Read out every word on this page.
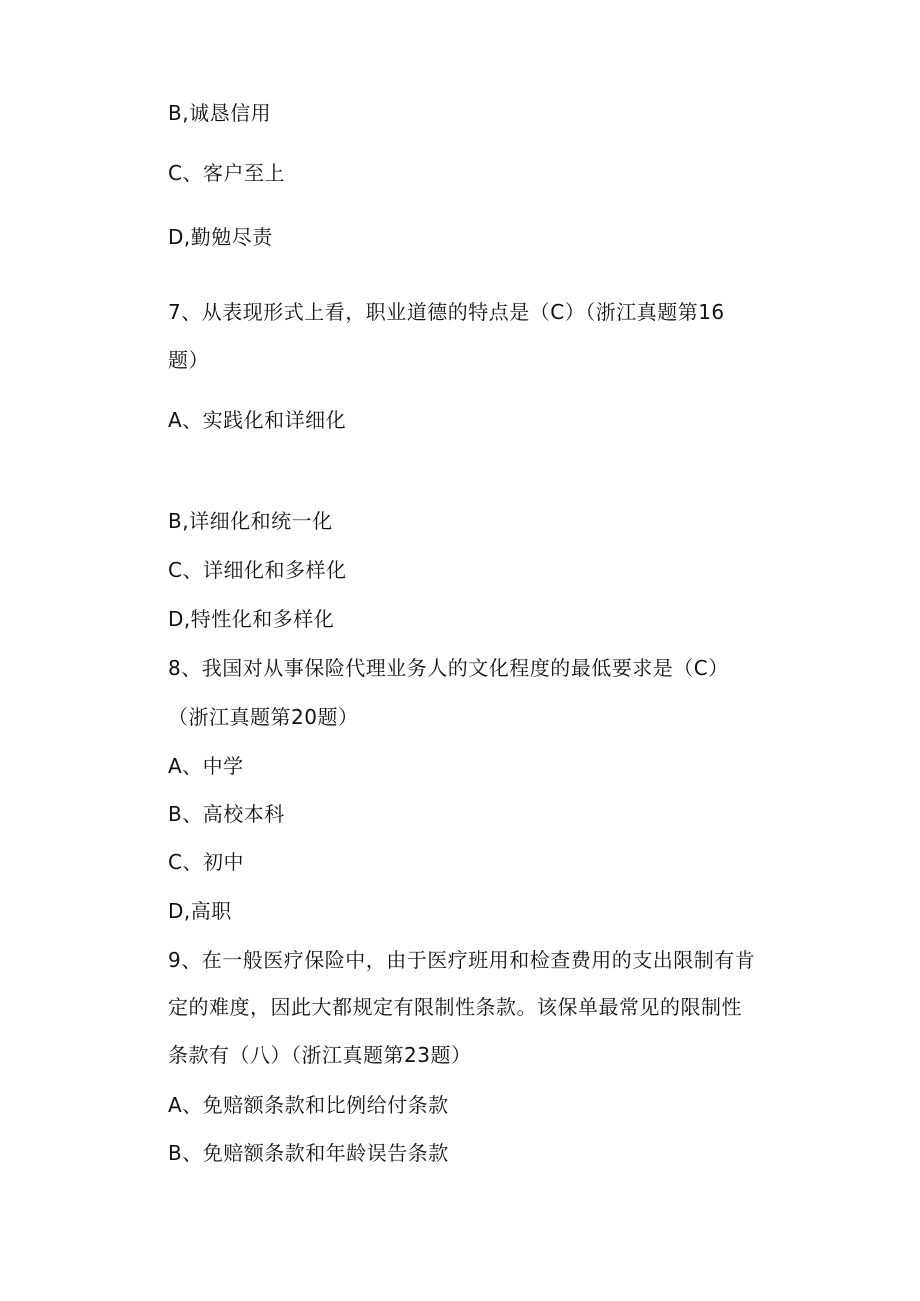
B,诚恳信用
C、客户至上
D,勤勉尽责
7、从表现形式上看，职业道德的特点是（C）（浙江真题第16
题）
A、实践化和详细化
B,详细化和统一化
C、详细化和多样化
D,特性化和多样化
8、我国对从事保险代理业务人的文化程度的最低要求是（C）
（浙江真题第20题）
A、中学
B、高校本科
C、初中
D,高职
9、在一般医疗保险中，由于医疗班用和检查费用的支出限制有肯
定的难度，因此大都规定有限制性条款。该保单最常见的限制性
条款有（八）（浙江真题第23题）
A、免赔额条款和比例给付条款
B、免赔额条款和年龄误告条款
